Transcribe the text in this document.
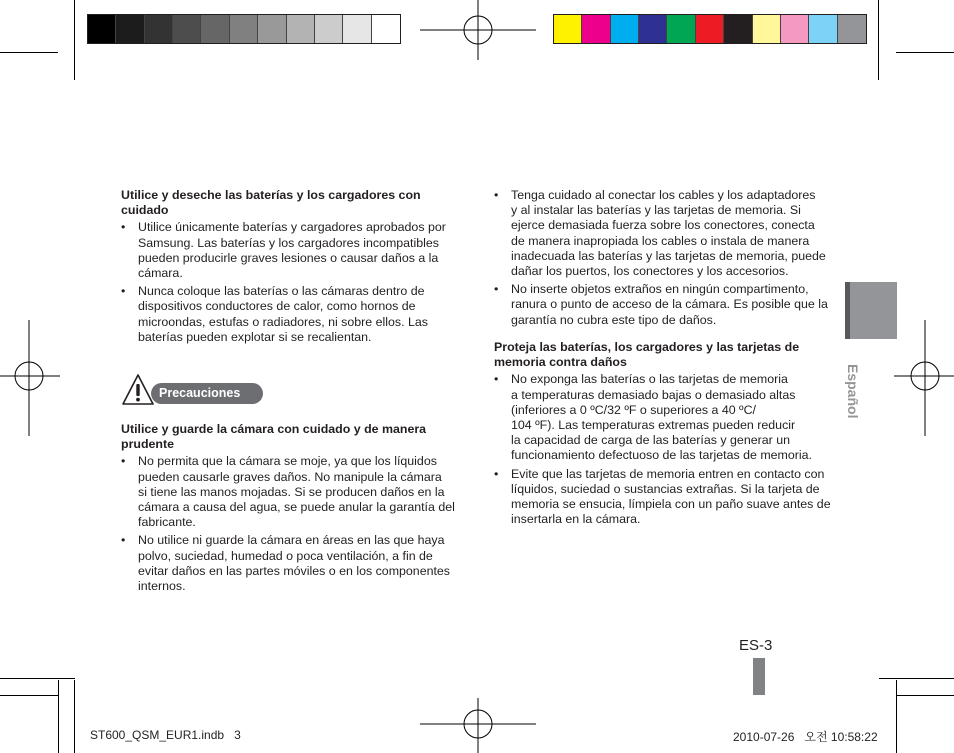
Utilice y deseche las baterías y los cargadores con
cuidado
• Utilice únicamente baterías y cargadores aprobados por
Samsung. Las baterías y los cargadores incompatibles
pueden producirle graves lesiones o causar daños a la
cámara.
• Nunca coloque las baterías o las cámaras dentro de
dispositivos conductores de calor, como hornos de
microondas, estufas o radiadores, ni sobre ellos. Las
baterías pueden explotar si se recalientan.
Precauciones
Utilice y guarde la cámara con cuidado y de manera
prudente
• No permita que la cámara se moje, ya que los líquidos
pueden causarle graves daños. No manipule la cámara
si tiene las manos mojadas. Si se producen daños en la
cámara a causa del agua, se puede anular la garantía del
fabricante.
• No utilice ni guarde la cámara en áreas en las que haya
polvo, suciedad, humedad o poca ventilación, a fin de
evitar daños en las partes móviles o en los componentes
internos.
• Tenga cuidado al conectar los cables y los adaptadores
y al instalar las baterías y las tarjetas de memoria. Si
ejerce demasiada fuerza sobre los conectores, conecta
de manera inapropiada los cables o instala de manera
inadecuada las baterías y las tarjetas de memoria, puede
dañar los puertos, los conectores y los accesorios.
• No inserte objetos extraños en ningún compartimento,
ranura o punto de acceso de la cámara. Es posible que la
garantía no cubra este tipo de daños.
Proteja las baterías, los cargadores y las tarjetas de
memoria contra daños
• No exponga las baterías o las tarjetas de memoria
a temperaturas demasiado bajas o demasiado altas
(inferiores a 0 ºC/32 ºF o superiores a 40 ºC/
104 ºF). Las temperaturas extremas pueden reducir
la capacidad de carga de las baterías y generar un
funcionamiento defectuoso de las tarjetas de memoria.
• Evite que las tarjetas de memoria entren en contacto con
líquidos, suciedad o sustancias extrañas. Si la tarjeta de
memoria se ensucia, límpiela con un paño suave antes de
insertarla en la cámara.
Español
ES-3
ST600_QSM_EUR1.indb   3	2010-07-26   오전 10:58:22
